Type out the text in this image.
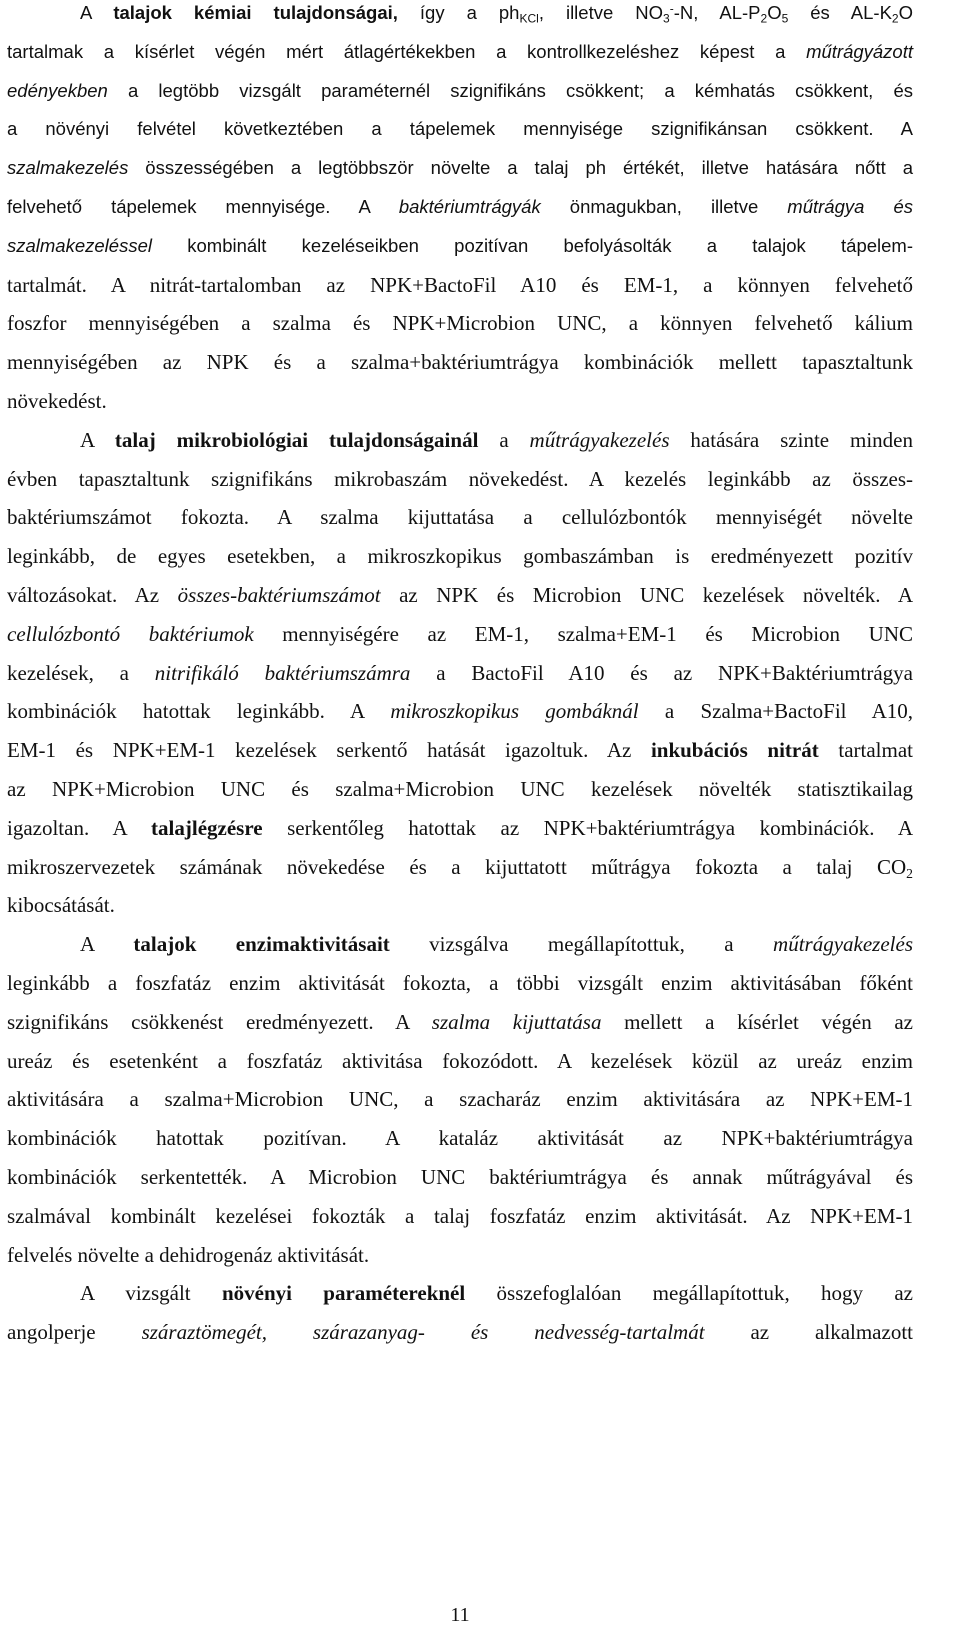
11
A talajok kémiai tulajdonságai, így a $ph_{KCl}$, illetve $NO_3^--N$, $AL-P_2O_5$ és $AL-K_2O$
tartalmak a kísérlet végén mért átlagértékekben a kontrollkezeléshez képest a műtrágyázott
edényekben a legtöbb vizsgált paraméternél szignifikáns csökkent; a kémhatás csökkent, és
a növényi felvétel következtében a tápelemek mennyisége szignifikánsan csökkent. A
szalmakezelés összességében a legtöbbször növelte a talaj ph értékét, illetve hatására nőtt a
felvehető tápelemek mennyisége. A baktériumtrágyák önmagukban, illetve műtrágya és
szalmakezeléssel kombinált kezeléseikben pozitívan befolyásolták a talajok tápelem-
tartalmát. A nitrát-tartalomban az NPK+BactoFil A10 és EM-1, a könnyen felvehető
foszfor mennyiségében a szalma és NPK+Microbion UNC, a könnyen felvehető kálium
mennyiségében az NPK és a szalma+baktériumtrágya kombinációk mellett tapasztaltunk
növekedést.
A talaj mikrobiológiai tulajdonságainál a műtrágyakezelés hatására szinte minden
évben tapasztaltunk szignifikáns mikrobaszám növekedést. A kezelés leginkább az összes-
baktériumszámot fokozta. A szalma kijuttatása a cellulózbontók mennyiségét növelte
leginkább, de egyes esetekben, a mikroszkopikus gombaszámban is eredményezett pozitív
változásokat. Az összes-baktériumszámot az NPK és Microbion UNC kezelések növelték. A
cellulózbontó baktériumok mennyiségére az EM-1, szalma+EM-1 és Microbion UNC
kezelések, a nitrifikáló baktériumszámra a BactoFil A10 és az NPK+Baktériumtrágya
kombinációk hatottak leginkább. A mikroszkopikus gombáknál a Szalma+BactoFil A10,
EM-1 és NPK+EM-1 kezelések serkentő hatását igazoltuk. Az inkubációs nitrát tartalmat
az NPK+Microbion UNC és szalma+Microbion UNC kezelések növelték statisztikailag
igazoltan. A talajlégzésre serkentőleg hatottak az NPK+baktériumtrágya kombinációk. A
mikroszervezetek számának növekedése és a kijuttatott műtrágya fokozta a talaj $CO_2$
kibocsátását.
A talajok enzimaktivitásait vizsgálva megállapítottuk, a műtrágyakezelés
leginkább a foszfatáz enzim aktivitását fokozta, a többi vizsgált enzim aktivitásában főként
szignifikáns csökkenést eredményezett. A szalma kijuttatása mellett a kísérlet végén az
ureáz és esetenként a foszfatáz aktivitása fokozódott. A kezelések közül az ureáz enzim
aktivitására a szalma+Microbion UNC, a szacharáz enzim aktivitására az NPK+EM-1
kombinációk hatottak pozitívan. A kataláz aktivitását az NPK+baktériumtrágya
kombinációk serkentették. A Microbion UNC baktériumtrágya és annak műtrágyával és
szalmával kombinált kezelései fokozták a talaj foszfatáz enzim aktivitását. Az NPK+EM-1
felvelés növelte a dehidrogenáz aktivitását.
A vizsgált növényi paramétereknél összefoglalóan megállapítottuk, hogy az
angolperje száraztömegét, szárazanyag- és nedvesség-tartalmát az alkalmazott
